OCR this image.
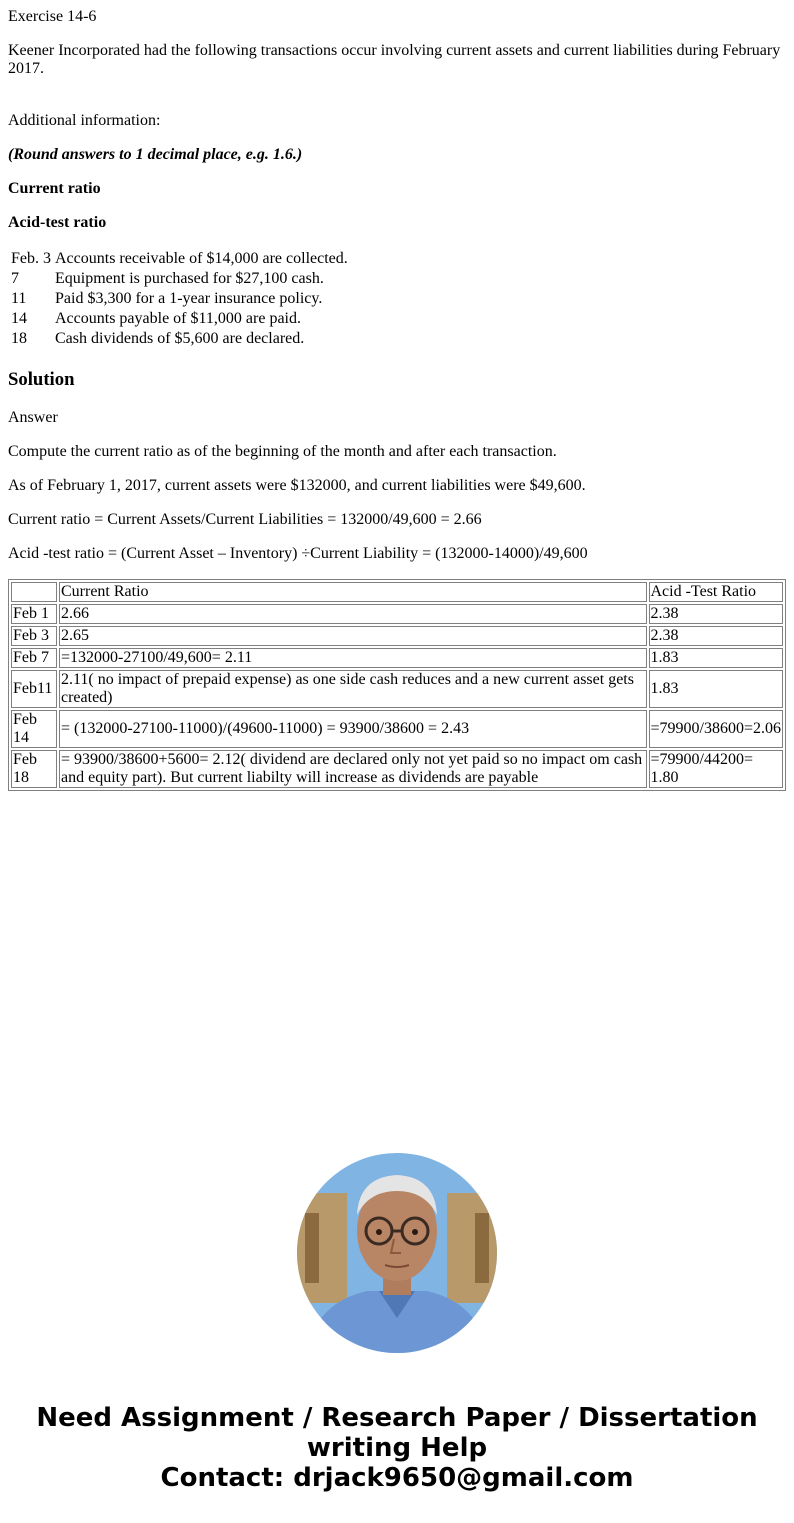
Exercise 14-6

Keener Incorporated had the following transactions occur involving current assets and current liabilities during February 2017.

Additional information:

(Round answers to 1 decimal place, e.g. 1.6.)

Current ratio

Acid-test ratio

Feb. 3	Accounts receivable of $14,000 are collected.
7	Equipment is purchased for $27,100 cash.
11	Paid $3,300 for a 1-year insurance policy.
14	Accounts payable of $11,000 are paid.
18	Cash dividends of $5,600 are declared.
Solution

Answer

Compute the current ratio as of the beginning of the month and after each transaction.

As of February 1, 2017, current assets were $132000, and current liabilities were $49,600.

Current ratio = Current Assets/Current Liabilities = 132000/49,600 = 2.66

Acid -test ratio = (Current Asset – Inventory) ÷Current Liability = (132000-14000)/49,600

	Current Ratio	Acid -Test Ratio
Feb 1	2.66	2.38
Feb 3	2.65	2.38
Feb 7	=132000-27100/49,600= 2.11	1.83
Feb11	2.11( no impact of prepaid expense) as one side cash reduces and a new current asset gets created)	1.83
Feb 14	= (132000-27100-11000)/(49600-11000) = 93900/38600 = 2.43	=79900/38600=2.06
Feb 18	= 93900/38600+5600= 2.12( dividend are declared only not yet paid so no impact om cash and equity part). But current liabilty will increase as dividends are payable	=79900/44200= 1.80
Need Assignment / Research Paper / Dissertation
writing Help
Contact: drjack9650@gmail.com
